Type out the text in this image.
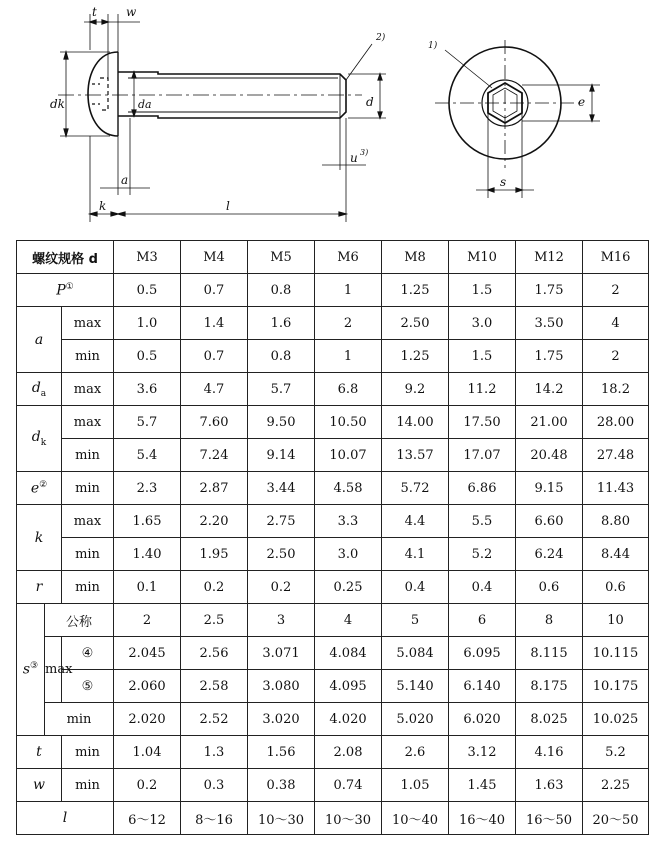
t w
2)
1)
dk	da	d
u 3)
a
k	l
e
s
螺纹规格 d			M3	M4	M5	M6	M8	M10	M12	M16
P①			0.5	0.7	0.8	1	1.25	1.5	1.75	2
a		max	1.0	1.4	1.6	2	2.50	3.0	3.50	4
		min	0.5	0.7	0.8	1	1.25	1.5	1.75	2
$d_a$		max	3.6	4.7	5.7	6.8	9.2	11.2	14.2	18.2
$d_k$		max	5.7	7.60	9.50	10.50	14.00	17.50	21.00	28.00
		min	5.4	7.24	9.14	10.07	13.57	17.07	20.48	27.48
e②		min	2.3	2.87	3.44	4.58	5.72	6.86	9.15	11.43
k		max	1.65	2.20	2.75	3.3	4.4	5.5	6.60	8.80
		min	1.40	1.95	2.50	3.0	4.1	5.2	6.24	8.44
r		min	0.1	0.2	0.2	0.25	0.4	0.4	0.6	0.6
s③	公称		2	2.5	3	4	5	6	8	10
	max	④	2.045	2.56	3.071	4.084	5.084	6.095	8.115	10.115
		⑤	2.060	2.58	3.080	4.095	5.140	6.140	8.175	10.175
	min		2.020	2.52	3.020	4.020	5.020	6.020	8.025	10.025
t		min	1.04	1.3	1.56	2.08	2.6	3.12	4.16	5.2
w		min	0.2	0.3	0.38	0.74	1.05	1.45	1.63	2.25
l			6～12	8～16	10～30	10～30	10～40	16～40	16～50	20～50
